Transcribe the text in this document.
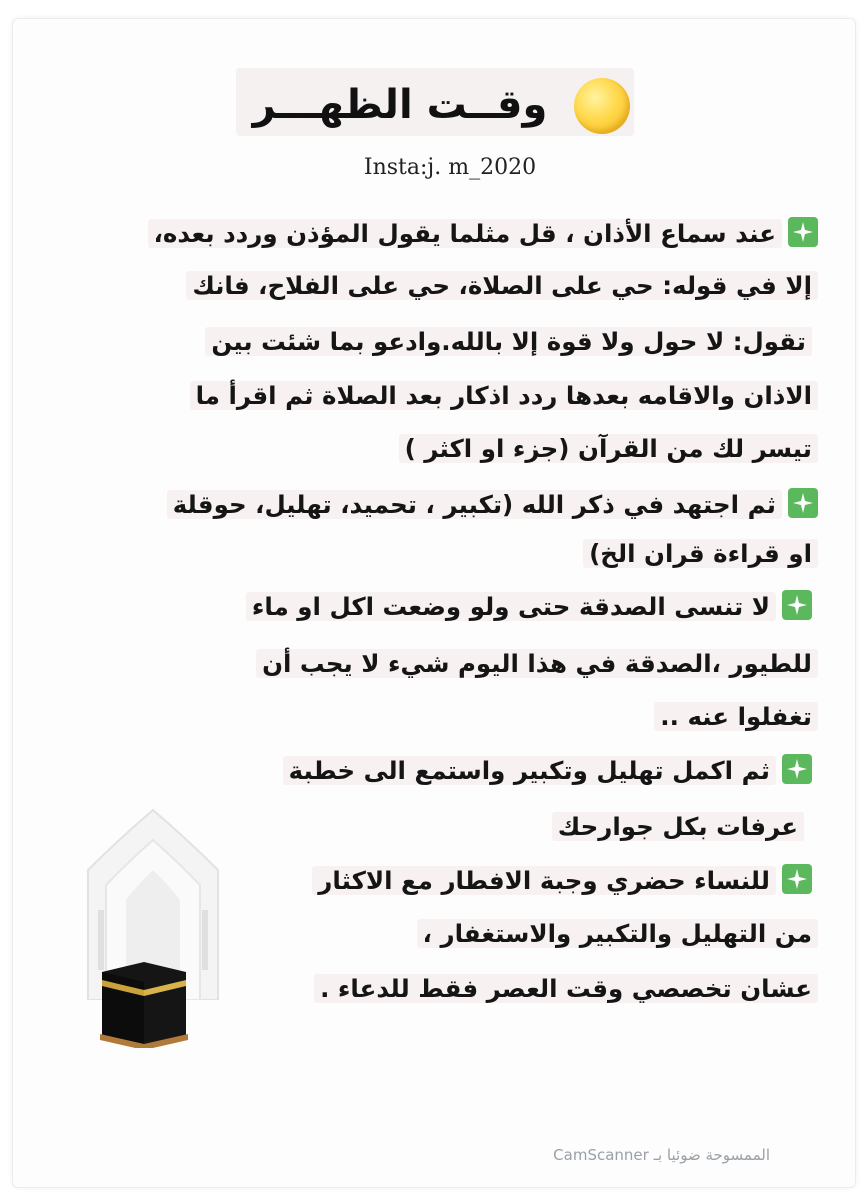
وقــت الظهـــر
Insta:j. m_2020
عند سماع الأذان ، قل مثلما يقول المؤذن وردد بعده،
إلا في قوله: حي على الصلاة، حي على الفلاح، فانك
تقول: لا حول ولا قوة إلا بالله.وادعو بما شئت بين
الاذان والاقامه بعدها ردد اذكار بعد الصلاة ثم اقرأ ما
تيسر لك من القرآن (جزء او اكثر )
ثم اجتهد في ذكر الله (تكبير ، تحميد، تهليل، حوقلة
او قراءة قران الخ)
لا تنسى الصدقة حتى ولو وضعت اكل او ماء
للطيور ،الصدقة في هذا اليوم شيء لا يجب أن
تغفلوا عنه ..
ثم اكمل تهليل وتكبير واستمع الى خطبة
عرفات بكل جوارحك
للنساء حضري وجبة الافطار مع الاكثار
من التهليل والتكبير والاستغفار ،
عشان تخصصي وقت العصر فقط للدعاء .
الممسوحة ضوئيا بـ CamScanner
